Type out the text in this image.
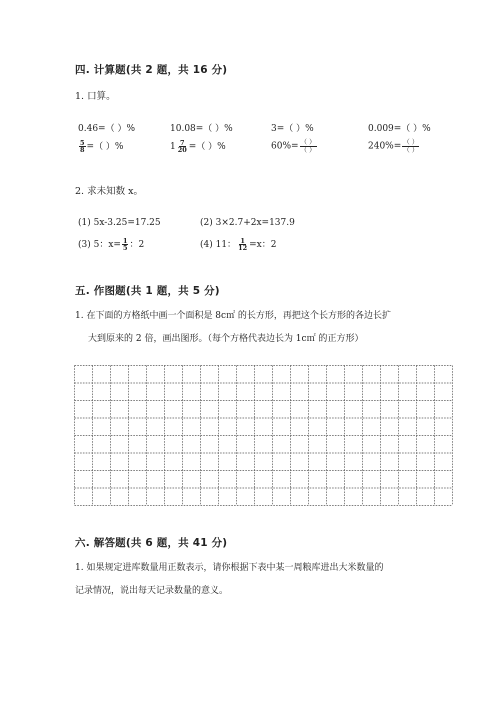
四. 计算题(共 2 题，共 16 分)
1. 口算。
0.46=（ ）%	10.08=（ ）%	3=（ ）%	0.009=（ ）%
$\frac{5}{8}$ =（ ）%	$1 \frac{7}{20}$ =（ ）%	$60\%= \frac{( )}{( )}$	$240\%= \frac{( )}{( )}$
2. 求未知数 x。
(1) 5x-3.25=17.25	(2) 3×2.7+2x=137.9
(3) 5：$x= \frac{1}{5}$ ：2	(4) 11： $\frac{1}{12} =x$：2
五. 作图题(共 1 题，共 5 分)
1. 在下面的方格纸中画一个面积是 8c㎡ 的长方形，再把这个长方形的各边长扩
大到原来的 2 倍，画出图形。（每个方格代表边长为 1c㎡ 的正方形）
六. 解答题(共 6 题，共 41 分)
1. 如果规定进库数量用正数表示，请你根据下表中某一周粮库进出大米数量的
记录情况，说出每天记录数量的意义。
